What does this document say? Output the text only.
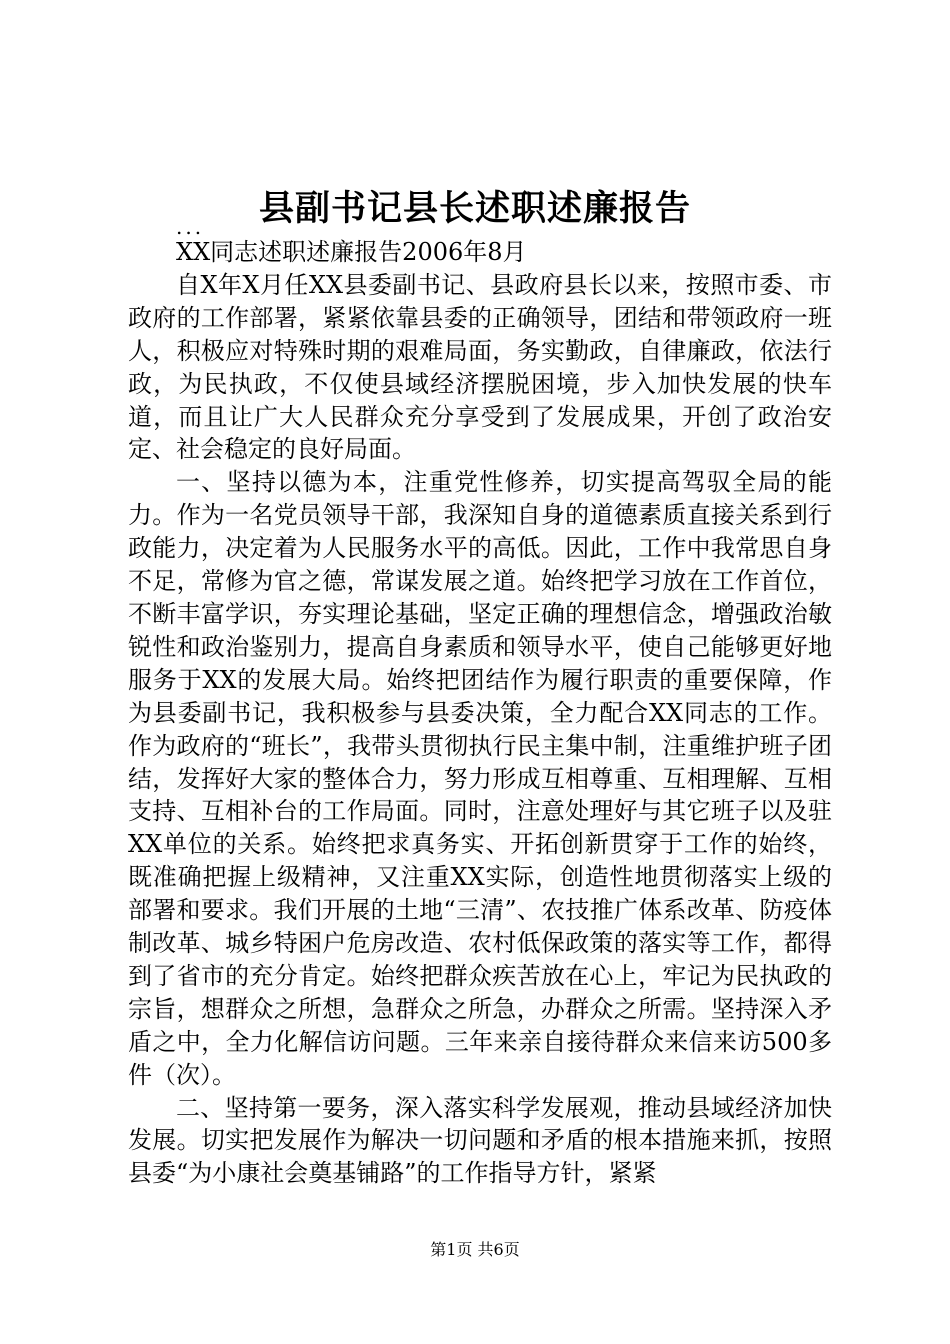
县副书记县长述职述廉报告
...

XX同志述职述廉报告2006年8月

自X年X月任XX县委副书记、县政府县长以来，按照市委、市政府的工作部署，紧紧依靠县委的正确领导，团结和带领政府一班人，积极应对特殊时期的艰难局面，务实勤政，自律廉政，依法行政，为民执政，不仅使县域经济摆脱困境，步入加快发展的快车道，而且让广大人民群众充分享受到了发展成果，开创了政治安定、社会稳定的良好局面。

一、坚持以德为本，注重党性修养，切实提高驾驭全局的能力。作为一名党员领导干部，我深知自身的道德素质直接关系到行政能力，决定着为人民服务水平的高低。因此，工作中我常思自身不足，常修为官之德，常谋发展之道。始终把学习放在工作首位，不断丰富学识，夯实理论基础，坚定正确的理想信念，增强政治敏锐性和政治鉴别力，提高自身素质和领导水平，使自己能够更好地服务于XX的发展大局。始终把团结作为履行职责的重要保障，作为县委副书记，我积极参与县委决策，全力配合XX同志的工作。作为政府的“班长”，我带头贯彻执行民主集中制，注重维护班子团结，发挥好大家的整体合力，努力形成互相尊重、互相理解、互相支持、互相补台的工作局面。同时，注意处理好与其它班子以及驻XX单位的关系。始终把求真务实、开拓创新贯穿于工作的始终，既准确把握上级精神，又注重XX实际，创造性地贯彻落实上级的部署和要求。我们开展的土地“三清”、农技推广体系改革、防疫体制改革、城乡特困户危房改造、农村低保政策的落实等工作，都得到了省市的充分肯定。始终把群众疾苦放在心上，牢记为民执政的宗旨，想群众之所想，急群众之所急，办群众之所需。坚持深入矛盾之中，全力化解信访问题。三年来亲自接待群众来信来访500多件（次）。

二、坚持第一要务，深入落实科学发展观，推动县域经济加快发展。切实把发展作为解决一切问题和矛盾的根本措施来抓，按照县委“为小康社会奠基铺路”的工作指导方针，紧紧

第1页 共6页
